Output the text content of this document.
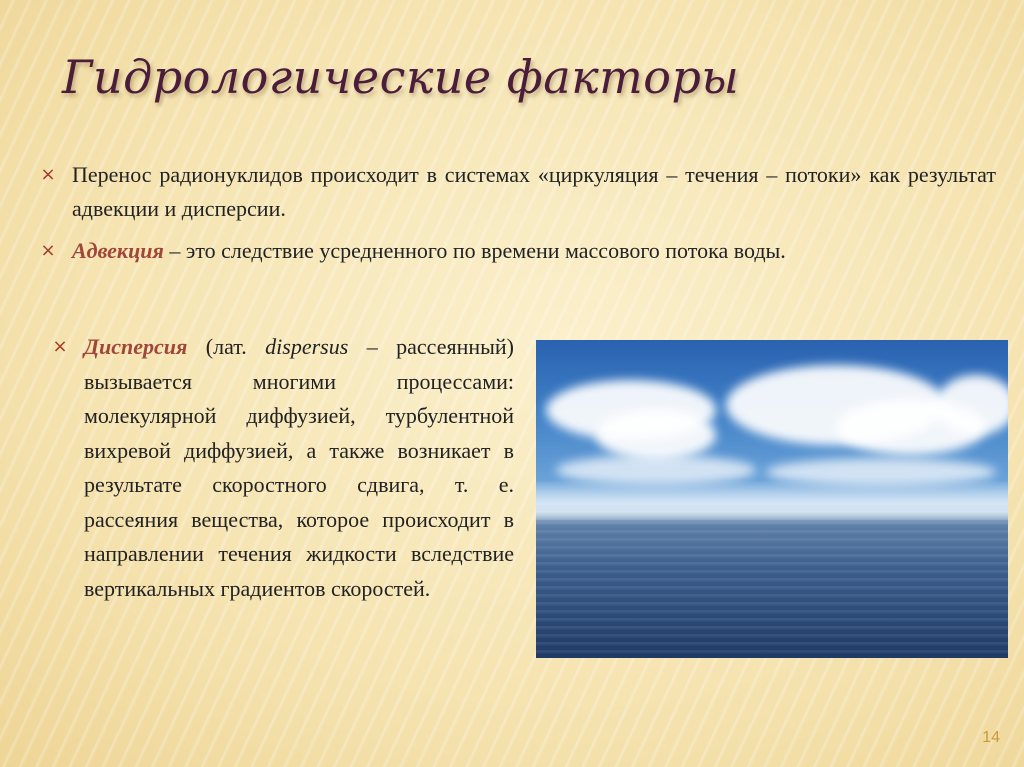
Гидрологические факторы

× Перенос радионуклидов происходит в системах «циркуляция – течения – потоки» как результат адвекции и дисперсии.

× Адвекция – это следствие усредненного по времени массового потока воды.

× Дисперсия (лат. dispersus – рассеянный) вызывается многими процессами: молекулярной диффузией, турбулентной вихревой диффузией, а также возникает в результате скоростного сдвига, т. е. рассеяния вещества, которое происходит в направлении течения жидкости вследствие вертикальных градиентов скоростей.

14
